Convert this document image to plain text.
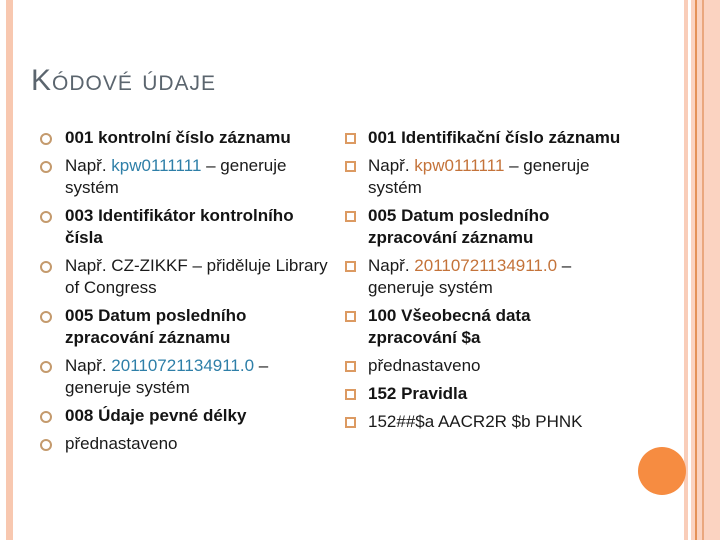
Kódové údaje
001 kontrolní číslo záznamu
Např. kpw0111111 – generuje systém
003 Identifikátor kontrolního čísla
Např. CZ-ZIKKF – přiděluje Library of Congress
005 Datum posledního zpracování záznamu
Např. 20110721134911.0 – generuje systém
008 Údaje pevné délky
přednastaveno
001 Identifikační číslo záznamu
Např. kpw0111111 – generuje systém
005 Datum posledního zpracování záznamu
Např. 20110721134911.0 – generuje systém
100 Všeobecná data zpracování $a
přednastaveno
152 Pravidla
152##$a AACR2R $b PHNK
